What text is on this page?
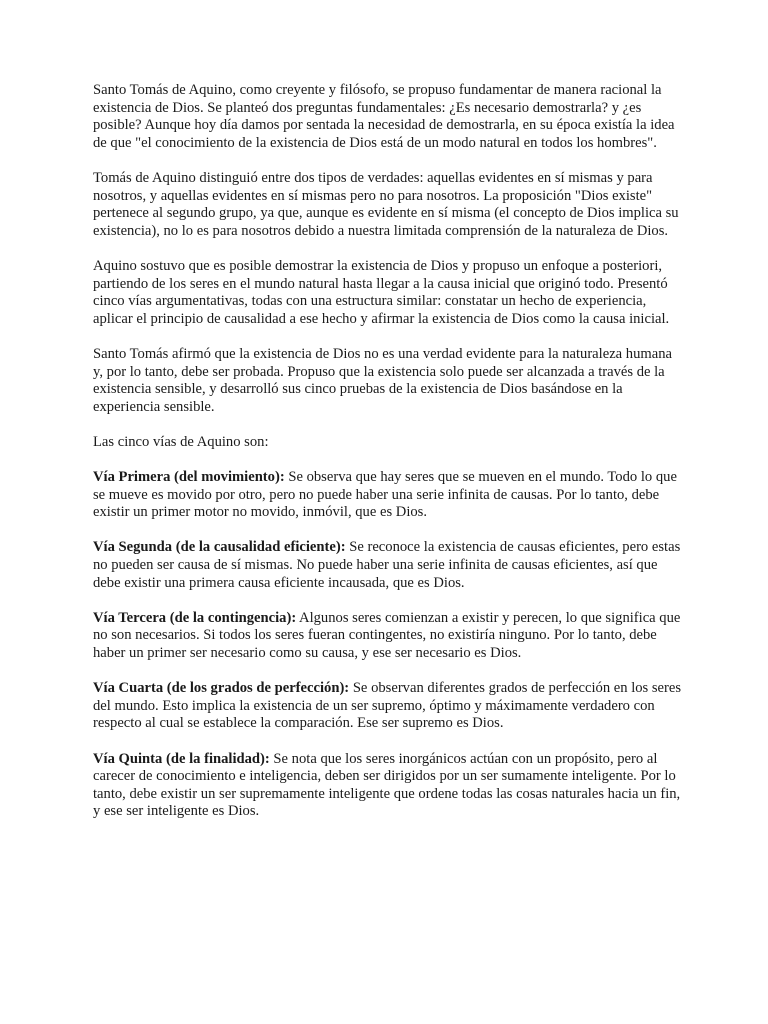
Santo Tomás de Aquino, como creyente y filósofo, se propuso fundamentar de manera racional la existencia de Dios. Se planteó dos preguntas fundamentales: ¿Es necesario demostrarla? y ¿es posible? Aunque hoy día damos por sentada la necesidad de demostrarla, en su época existía la idea de que "el conocimiento de la existencia de Dios está de un modo natural en todos los hombres".

Tomás de Aquino distinguió entre dos tipos de verdades: aquellas evidentes en sí mismas y para nosotros, y aquellas evidentes en sí mismas pero no para nosotros. La proposición "Dios existe" pertenece al segundo grupo, ya que, aunque es evidente en sí misma (el concepto de Dios implica su existencia), no lo es para nosotros debido a nuestra limitada comprensión de la naturaleza de Dios.

Aquino sostuvo que es posible demostrar la existencia de Dios y propuso un enfoque a posteriori, partiendo de los seres en el mundo natural hasta llegar a la causa inicial que originó todo. Presentó cinco vías argumentativas, todas con una estructura similar: constatar un hecho de experiencia, aplicar el principio de causalidad a ese hecho y afirmar la existencia de Dios como la causa inicial.

Santo Tomás afirmó que la existencia de Dios no es una verdad evidente para la naturaleza humana y, por lo tanto, debe ser probada. Propuso que la existencia solo puede ser alcanzada a través de la existencia sensible, y desarrolló sus cinco pruebas de la existencia de Dios basándose en la experiencia sensible.

Las cinco vías de Aquino son:

Vía Primera (del movimiento): Se observa que hay seres que se mueven en el mundo. Todo lo que se mueve es movido por otro, pero no puede haber una serie infinita de causas. Por lo tanto, debe existir un primer motor no movido, inmóvil, que es Dios.

Vía Segunda (de la causalidad eficiente): Se reconoce la existencia de causas eficientes, pero estas no pueden ser causa de sí mismas. No puede haber una serie infinita de causas eficientes, así que debe existir una primera causa eficiente incausada, que es Dios.

Vía Tercera (de la contingencia): Algunos seres comienzan a existir y perecen, lo que significa que no son necesarios. Si todos los seres fueran contingentes, no existiría ninguno. Por lo tanto, debe haber un primer ser necesario como su causa, y ese ser necesario es Dios.

Vía Cuarta (de los grados de perfección): Se observan diferentes grados de perfección en los seres del mundo. Esto implica la existencia de un ser supremo, óptimo y máximamente verdadero con respecto al cual se establece la comparación. Ese ser supremo es Dios.

Vía Quinta (de la finalidad): Se nota que los seres inorgánicos actúan con un propósito, pero al carecer de conocimiento e inteligencia, deben ser dirigidos por un ser sumamente inteligente. Por lo tanto, debe existir un ser supremamente inteligente que ordene todas las cosas naturales hacia un fin, y ese ser inteligente es Dios.
